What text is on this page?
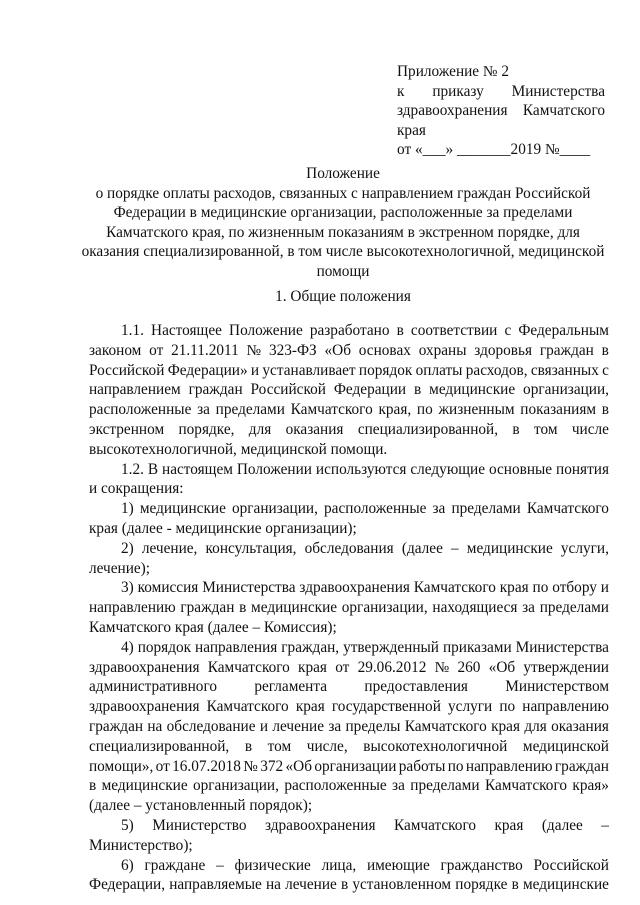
Приложение № 2
к приказу Министерства
здравоохранения Камчатского
края
от «___» _______2019 №____
Положение
о порядке оплаты расходов, связанных с направлением граждан Российской
Федерации в медицинские организации, расположенные за пределами
Камчатского края, по жизненным показаниям в экстренном порядке, для
оказания специализированной, в том числе высокотехнологичной, медицинской
помощи
1. Общие положения
1.1. Настоящее Положение разработано в соответствии с Федеральным
законом от 21.11.2011 № 323-ФЗ «Об основах охраны здоровья граждан в
Российской Федерации» и устанавливает порядок оплаты расходов, связанных с
направлением граждан Российской Федерации в медицинские организации,
расположенные за пределами Камчатского края, по жизненным показаниям в
экстренном порядке, для оказания специализированной, в том числе
высокотехнологичной, медицинской помощи.
1.2. В настоящем Положении используются следующие основные понятия
и сокращения:
1) медицинские организации, расположенные за пределами Камчатского
края (далее - медицинские организации);
2) лечение, консультация, обследования (далее – медицинские услуги,
лечение);
3) комиссия Министерства здравоохранения Камчатского края по отбору и
направлению граждан в медицинские организации, находящиеся за пределами
Камчатского края (далее – Комиссия);
4) порядок направления граждан, утвержденный приказами Министерства
здравоохранения Камчатского края от 29.06.2012 № 260 «Об утверждении
административного регламента предоставления Министерством
здравоохранения Камчатского края государственной услуги по направлению
граждан на обследование и лечение за пределы Камчатского края для оказания
специализированной, в том числе, высокотехнологичной медицинской
помощи», от 16.07.2018 № 372 «Об организации работы по направлению граждан
в медицинские организации, расположенные за пределами Камчатского края»
(далее – установленный порядок);
5) Министерство здравоохранения Камчатского края (далее –
Министерство);
6) граждане – физические лица, имеющие гражданство Российской
Федерации, направляемые на лечение в установленном порядке в медицинские
